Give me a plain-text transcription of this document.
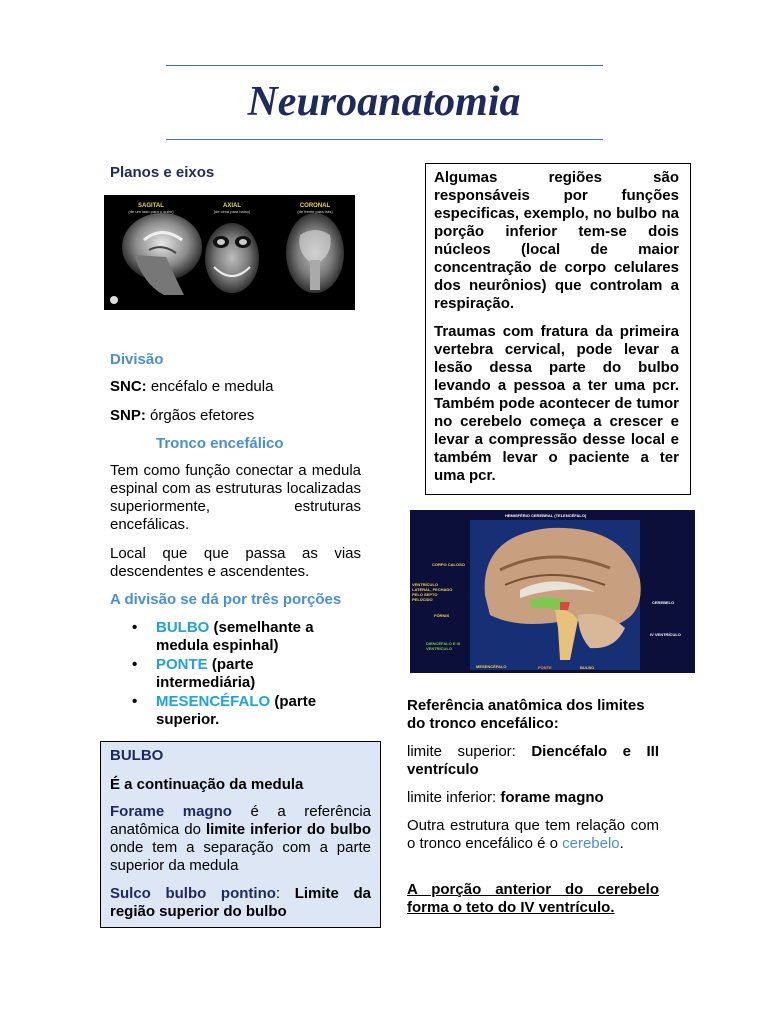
Neuroanatomia
Planos e eixos
SAGITAL
(de um lado para o outro)
AXIAL
(de cima para baixo)
CORONAL
(de frente para trás)
Divisão
SNC: encéfalo e medula
SNP: órgãos efetores
Tronco encefálico
Tem como função conectar a medula espinal com as estruturas localizadas superiormente, estruturas encefálicas.
Local que que passa as vias descendentes e ascendentes.
A divisão se dá por três porções
• BULBO (semelhante a medula espinhal)
• PONTE (parte intermediária)
• MESENCÉFALO (parte superior.
BULBO
É a continuação da medula
Forame magno é a referência anatômica do limite inferior do bulbo onde tem a separação com a parte superior da medula
Sulco bulbo pontino: Limite da região superior do bulbo
Algumas regiões são responsáveis por funções especificas, exemplo, no bulbo na porção inferior tem-se dois núcleos (local de maior concentração de corpo celulares dos neurônios) que controlam a respiração.
Traumas com fratura da primeira vertebra cervical, pode levar a lesão dessa parte do bulbo levando a pessoa a ter uma pcr. Também pode acontecer de tumor no cerebelo começa a crescer e levar a compressão desse local e também levar o paciente a ter uma pcr.
HEMISFÉRIO CEREBRAL (TELENCÉFALO)
CORPO CALOSO
VENTRÍCULO LATERAL, FECHADO PELO SEPTO PELÚCIDO
FÓRNIX
DIENCÉFALO E III VENTRÍCULO
MESENCÉFALO	PONTE	BULBO
CEREBELO
IV VENTRÍCULO
Referência anatômica dos limites do tronco encefálico:
limite superior: Diencéfalo e III ventrículo
limite inferior: forame magno
Outra estrutura que tem relação com o tronco encefálico é o cerebelo.
A porção anterior do cerebelo forma o teto do IV ventrículo.
